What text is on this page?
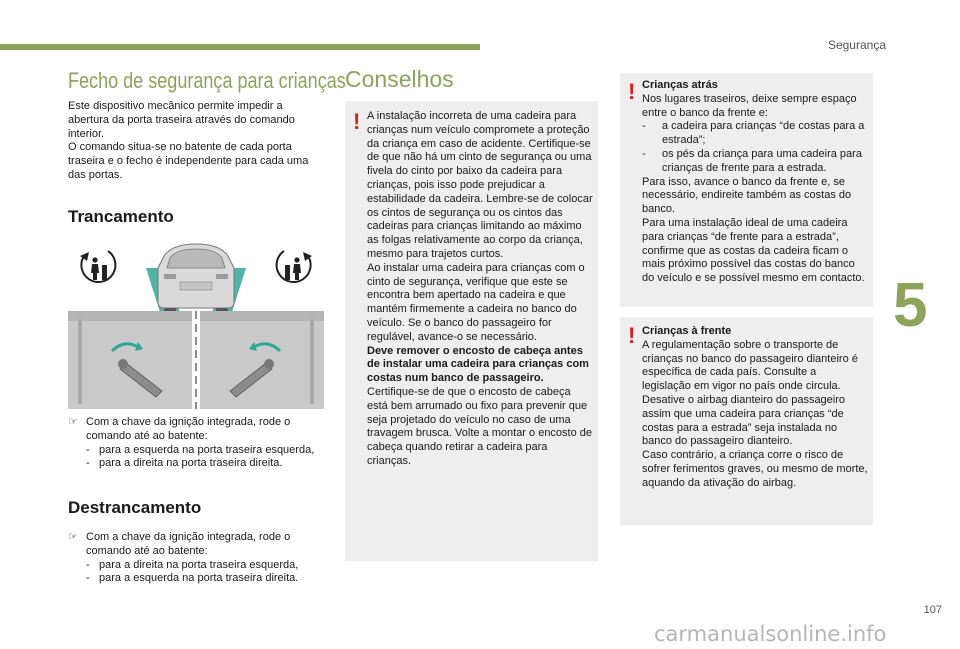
Segurança
5
107
carmanualsonline.info
Fecho de segurança para crianças
Este dispositivo mecânico permite impedir a abertura da porta traseira através do comando interior.
O comando situa-se no batente de cada porta traseira e o fecho é independente para cada uma das portas.
Trancamento
☞ Com a chave da ignição integrada, rode o comando até ao batente:
- para a esquerda na porta traseira esquerda,
- para a direita na porta traseira direita.
Destrancamento
☞ Com a chave da ignição integrada, rode o comando até ao batente:
- para a direita na porta traseira esquerda,
- para a esquerda na porta traseira direita.
Conselhos
! A instalação incorreta de uma cadeira para crianças num veículo compromete a proteção da criança em caso de acidente. Certifique-se de que não há um cinto de segurança ou uma fivela do cinto por baixo da cadeira para crianças, pois isso pode prejudicar a estabilidade da cadeira. Lembre-se de colocar os cintos de segurança ou os cintos das cadeiras para crianças limitando ao máximo as folgas relativamente ao corpo da criança, mesmo para trajetos curtos.
Ao instalar uma cadeira para crianças com o cinto de segurança, verifique que este se encontra bem apertado na cadeira e que mantém firmemente a cadeira no banco do veículo. Se o banco do passageiro for regulável, avance-o se necessário.
Deve remover o encosto de cabeça antes de instalar uma cadeira para crianças com costas num banco de passageiro.
Certifique-se de que o encosto de cabeça está bem arrumado ou fixo para prevenir que seja projetado do veículo no caso de uma travagem brusca. Volte a montar o encosto de cabeça quando retirar a cadeira para crianças.
! Crianças atrás
Nos lugares traseiros, deixe sempre espaço entre o banco da frente e:
-	a cadeira para crianças “de costas para a estrada”;
-	os pés da criança para uma cadeira para crianças de frente para a estrada.
Para isso, avance o banco da frente e, se necessário, endireite também as costas do banco.
Para uma instalação ideal de uma cadeira para crianças “de frente para a estrada”, confirme que as costas da cadeira ficam o mais próximo possível das costas do banco do veículo e se possível mesmo em contacto.
! Crianças à frente
A regulamentação sobre o transporte de crianças no banco do passageiro dianteiro é específica de cada país. Consulte a legislação em vigor no país onde circula.
Desative o airbag dianteiro do passageiro assim que uma cadeira para crianças “de costas para a estrada” seja instalada no banco do passageiro dianteiro.
Caso contrário, a criança corre o risco de sofrer ferimentos graves, ou mesmo de morte, aquando da ativação do airbag.
